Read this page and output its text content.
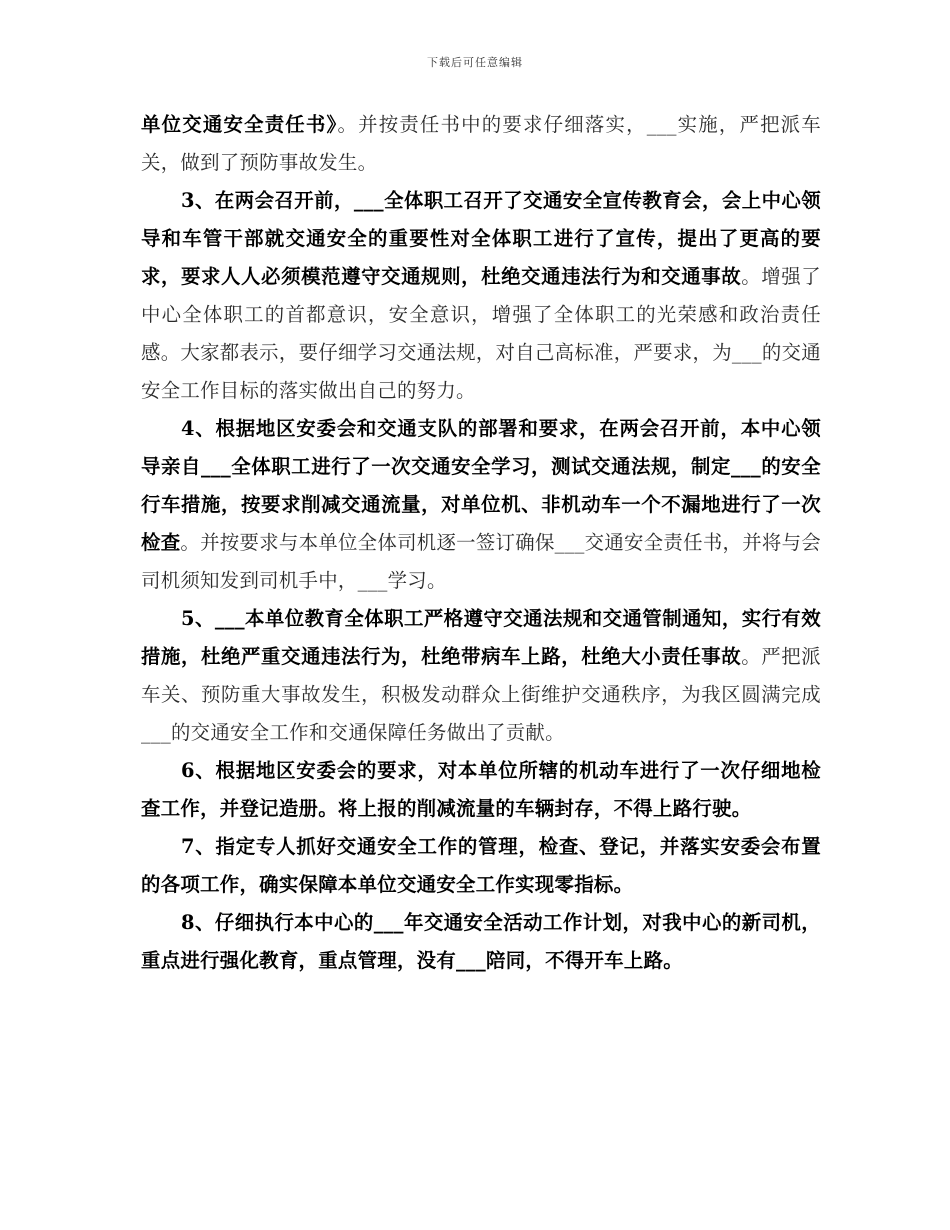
下载后可任意编辑

单位交通安全责任书》。并按责任书中的要求仔细落实，___实施，严把派车关，做到了预防事故发生。

3、在两会召开前，___全体职工召开了交通安全宣传教育会，会上中心领导和车管干部就交通安全的重要性对全体职工进行了宣传，提出了更高的要求，要求人人必须模范遵守交通规则，杜绝交通违法行为和交通事故。增强了中心全体职工的首都意识，安全意识，增强了全体职工的光荣感和政治责任感。大家都表示，要仔细学习交通法规，对自己高标准，严要求，为___的交通安全工作目标的落实做出自己的努力。

4、根据地区安委会和交通支队的部署和要求，在两会召开前，本中心领导亲自___全体职工进行了一次交通安全学习，测试交通法规，制定___的安全行车措施，按要求削减交通流量，对单位机、非机动车一个不漏地进行了一次检查。并按要求与本单位全体司机逐一签订确保___交通安全责任书，并将与会司机须知发到司机手中，___学习。

5、___本单位教育全体职工严格遵守交通法规和交通管制通知，实行有效措施，杜绝严重交通违法行为，杜绝带病车上路，杜绝大小责任事故。严把派车关、预防重大事故发生，积极发动群众上街维护交通秩序，为我区圆满完成___的交通安全工作和交通保障任务做出了贡献。

6、根据地区安委会的要求，对本单位所辖的机动车进行了一次仔细地检查工作，并登记造册。将上报的削减流量的车辆封存，不得上路行驶。

7、指定专人抓好交通安全工作的管理，检查、登记，并落实安委会布置的各项工作，确实保障本单位交通安全工作实现零指标。

8、仔细执行本中心的___年交通安全活动工作计划，对我中心的新司机，重点进行强化教育，重点管理，没有___陪同，不得开车上路。
